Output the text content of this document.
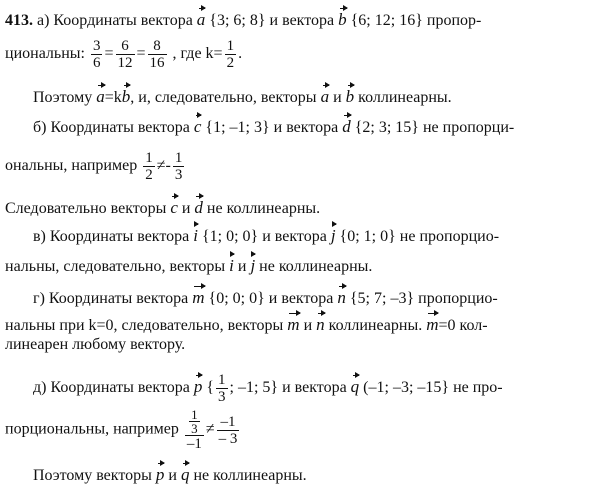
413. а) Координаты вектора a {3; 6; 8} и вектора b {6; 12; 16} пропор-
циональны: $\frac{3}{6} = \frac{6}{12} = \frac{8}{16}$ , где $k= \frac{1}{2}$ .
Поэтому a=kb, и, следовательно, векторы a и b коллинеарны.
б) Координаты вектора c {1; –1; 3} и вектора d {2; 3; 15} не пропорци-
ональны, например $\frac{1}{2} \ne- \frac{1}{3}$
Следовательно векторы c и d не коллинеарны.
в) Координаты вектора i {1; 0; 0} и вектора j {0; 1; 0} не пропорцио-
нальны, следовательно, векторы i и j не коллинеарны.
г) Координаты вектора m {0; 0; 0} и вектора n {5; 7; –3} пропорцио-
нальны при k=0, следовательно, векторы m и n коллинеарны. m=0 кол-
линеарен любому вектору.
д) Координаты вектора p { $\frac{1}{3}$ ; –1; 5} и вектора q (–1; –3; –15} не про-
порциональны, например $\frac{\frac{1}{3}}{-1} \ne \frac{-1}{- 3}$
Поэтому векторы p и q не коллинеарны.
